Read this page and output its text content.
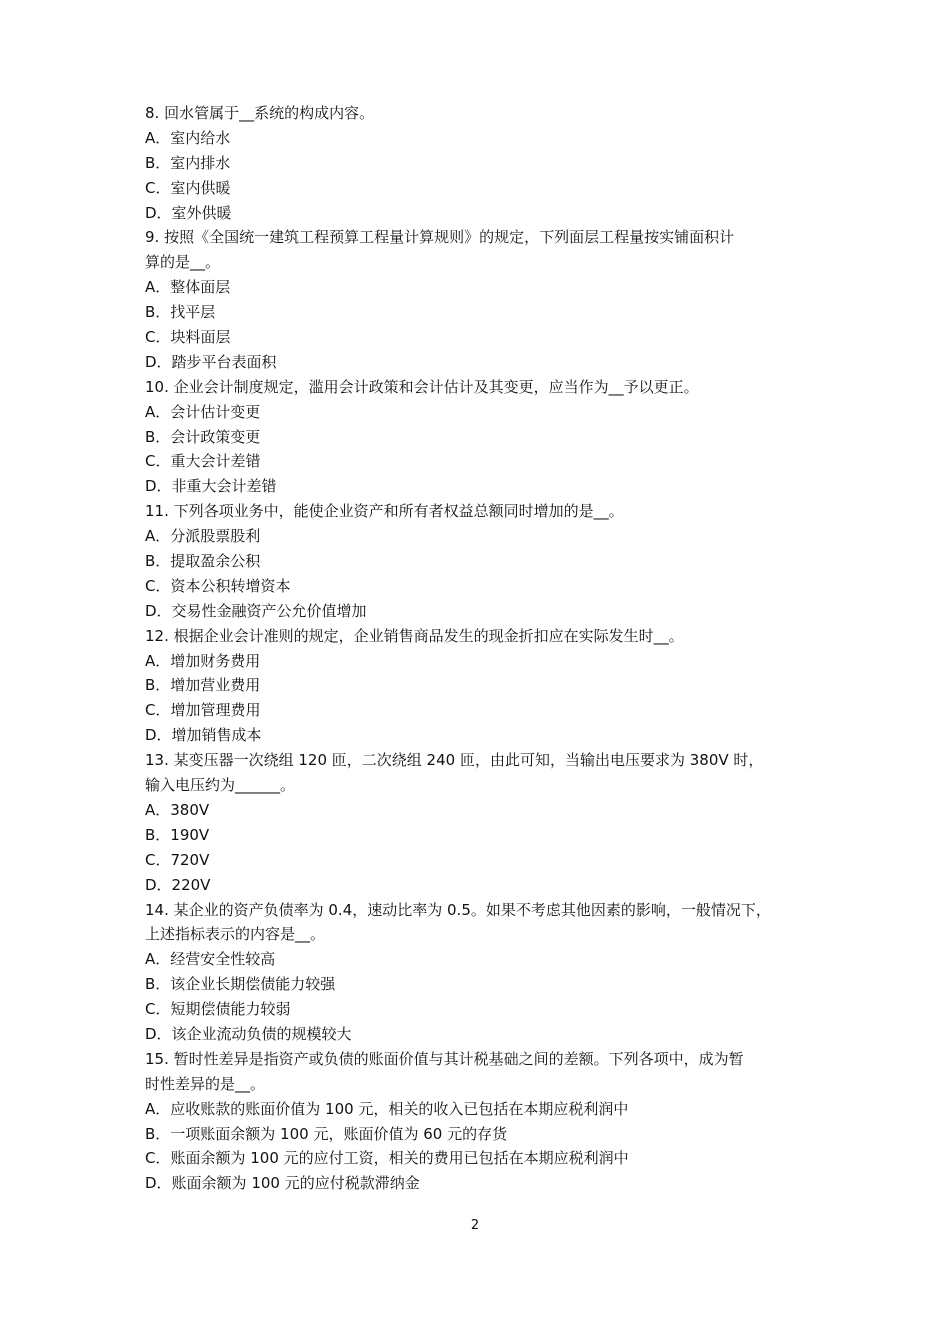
8. 回水管属于__系统的构成内容。
A．室内给水
B．室内排水
C．室内供暖
D．室外供暖
9. 按照《全国统一建筑工程预算工程量计算规则》的规定，下列面层工程量按实铺面积计
算的是__。
A．整体面层
B．找平层
C．块料面层
D．踏步平台表面积
10. 企业会计制度规定，滥用会计政策和会计估计及其变更，应当作为__予以更正。
A．会计估计变更
B．会计政策变更
C．重大会计差错
D．非重大会计差错
11. 下列各项业务中，能使企业资产和所有者权益总额同时增加的是__。
A．分派股票股利
B．提取盈余公积
C．资本公积转增资本
D．交易性金融资产公允价值增加
12. 根据企业会计准则的规定，企业销售商品发生的现金折扣应在实际发生时__。
A．增加财务费用
B．增加营业费用
C．增加管理费用
D．增加销售成本
13. 某变压器一次绕组 120 匝，二次绕组 240 匝，由此可知，当输出电压要求为 380V 时，
输入电压约为______。
A．380V
B．190V
C．720V
D．220V
14. 某企业的资产负债率为 0.4，速动比率为 0.5。如果不考虑其他因素的影响，一般情况下，
上述指标表示的内容是__。
A．经营安全性较高
B．该企业长期偿债能力较强
C．短期偿债能力较弱
D．该企业流动负债的规模较大
15. 暂时性差异是指资产或负债的账面价值与其计税基础之间的差额。下列各项中，成为暂
时性差异的是__。
A．应收账款的账面价值为 100 元，相关的收入已包括在本期应税利润中
B．一项账面余额为 100 元，账面价值为 60 元的存货
C．账面余额为 100 元的应付工资，相关的费用已包括在本期应税利润中
D．账面余额为 100 元的应付税款滞纳金
2
